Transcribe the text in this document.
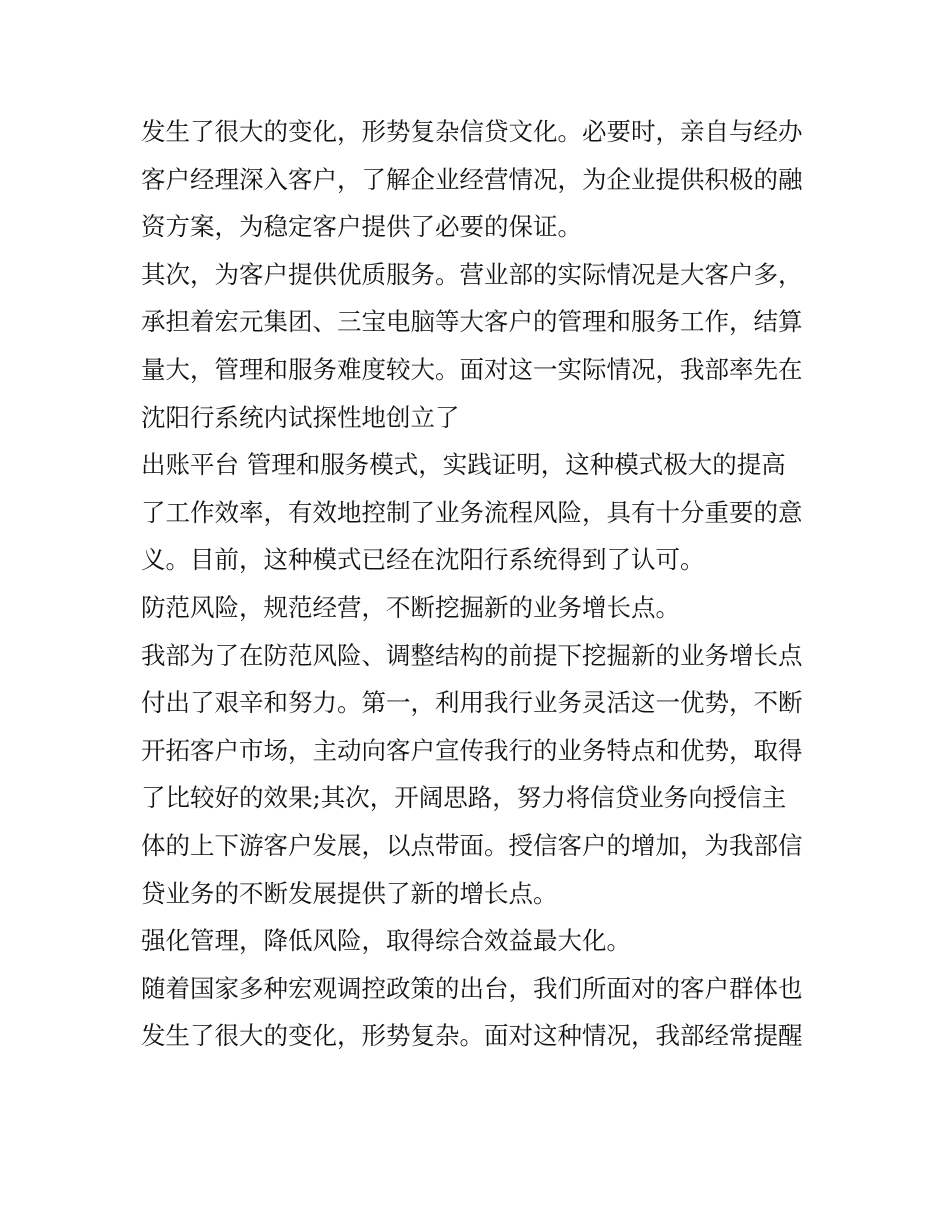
发生了很大的变化，形势复杂信贷文化。必要时，亲自与经办
客户经理深入客户，了解企业经营情况，为企业提供积极的融
资方案，为稳定客户提供了必要的保证。
其次，为客户提供优质服务。营业部的实际情况是大客户多，
承担着宏元集团、三宝电脑等大客户的管理和服务工作，结算
量大，管理和服务难度较大。面对这一实际情况，我部率先在
沈阳行系统内试探性地创立了
出账平台 管理和服务模式，实践证明，这种模式极大的提高
了工作效率，有效地控制了业务流程风险，具有十分重要的意
义。目前，这种模式已经在沈阳行系统得到了认可。
防范风险，规范经营，不断挖掘新的业务增长点。
我部为了在防范风险、调整结构的前提下挖掘新的业务增长点
付出了艰辛和努力。第一，利用我行业务灵活这一优势，不断
开拓客户市场，主动向客户宣传我行的业务特点和优势，取得
了比较好的效果;其次，开阔思路，努力将信贷业务向授信主
体的上下游客户发展，以点带面。授信客户的增加，为我部信
贷业务的不断发展提供了新的增长点。
强化管理，降低风险，取得综合效益最大化。
随着国家多种宏观调控政策的出台，我们所面对的客户群体也
发生了很大的变化，形势复杂。面对这种情况，我部经常提醒
